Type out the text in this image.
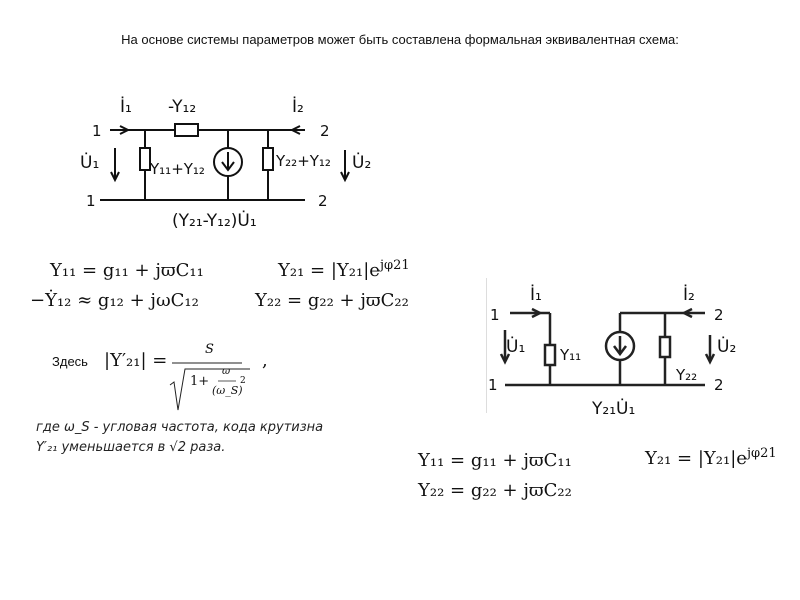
На основе системы параметров может быть составлена формальная эквивалентная схема:
1
1
2
2
İ₁	İ₂
-Y₁₂
U̇₁	U̇₂
Y₁₁+Y₁₂	Y₂₂+Y₁₂
(Y₂₁-Y₁₂)U̇₁
Y₁₁ = g₁₁ + jϖC₁₁	$Y_{21} = |Y_{21}|e^{j\varphi 21}$
−Ẏ₁₂ ≈ g₁₂ + jωC₁₂	Y₂₂ = g₂₂ + jϖC₂₂
Здесь |Y′₂₁| =
S
1+
ω
(ω_S)
2
,
где ω_S - угловая частота, кода крутизна
Y′₂₁ уменьшается в √2 раза.
1
1
2
2
İ₁	İ₂
U̇₁	U̇₂
Y₁₁
Y₂₂
Y₂₁U̇₁
Y₁₁ = g₁₁ + jϖC₁₁	$Y_{21} = |Y_{21}|e^{j\varphi 21}$
Y₂₂ = g₂₂ + jϖC₂₂
